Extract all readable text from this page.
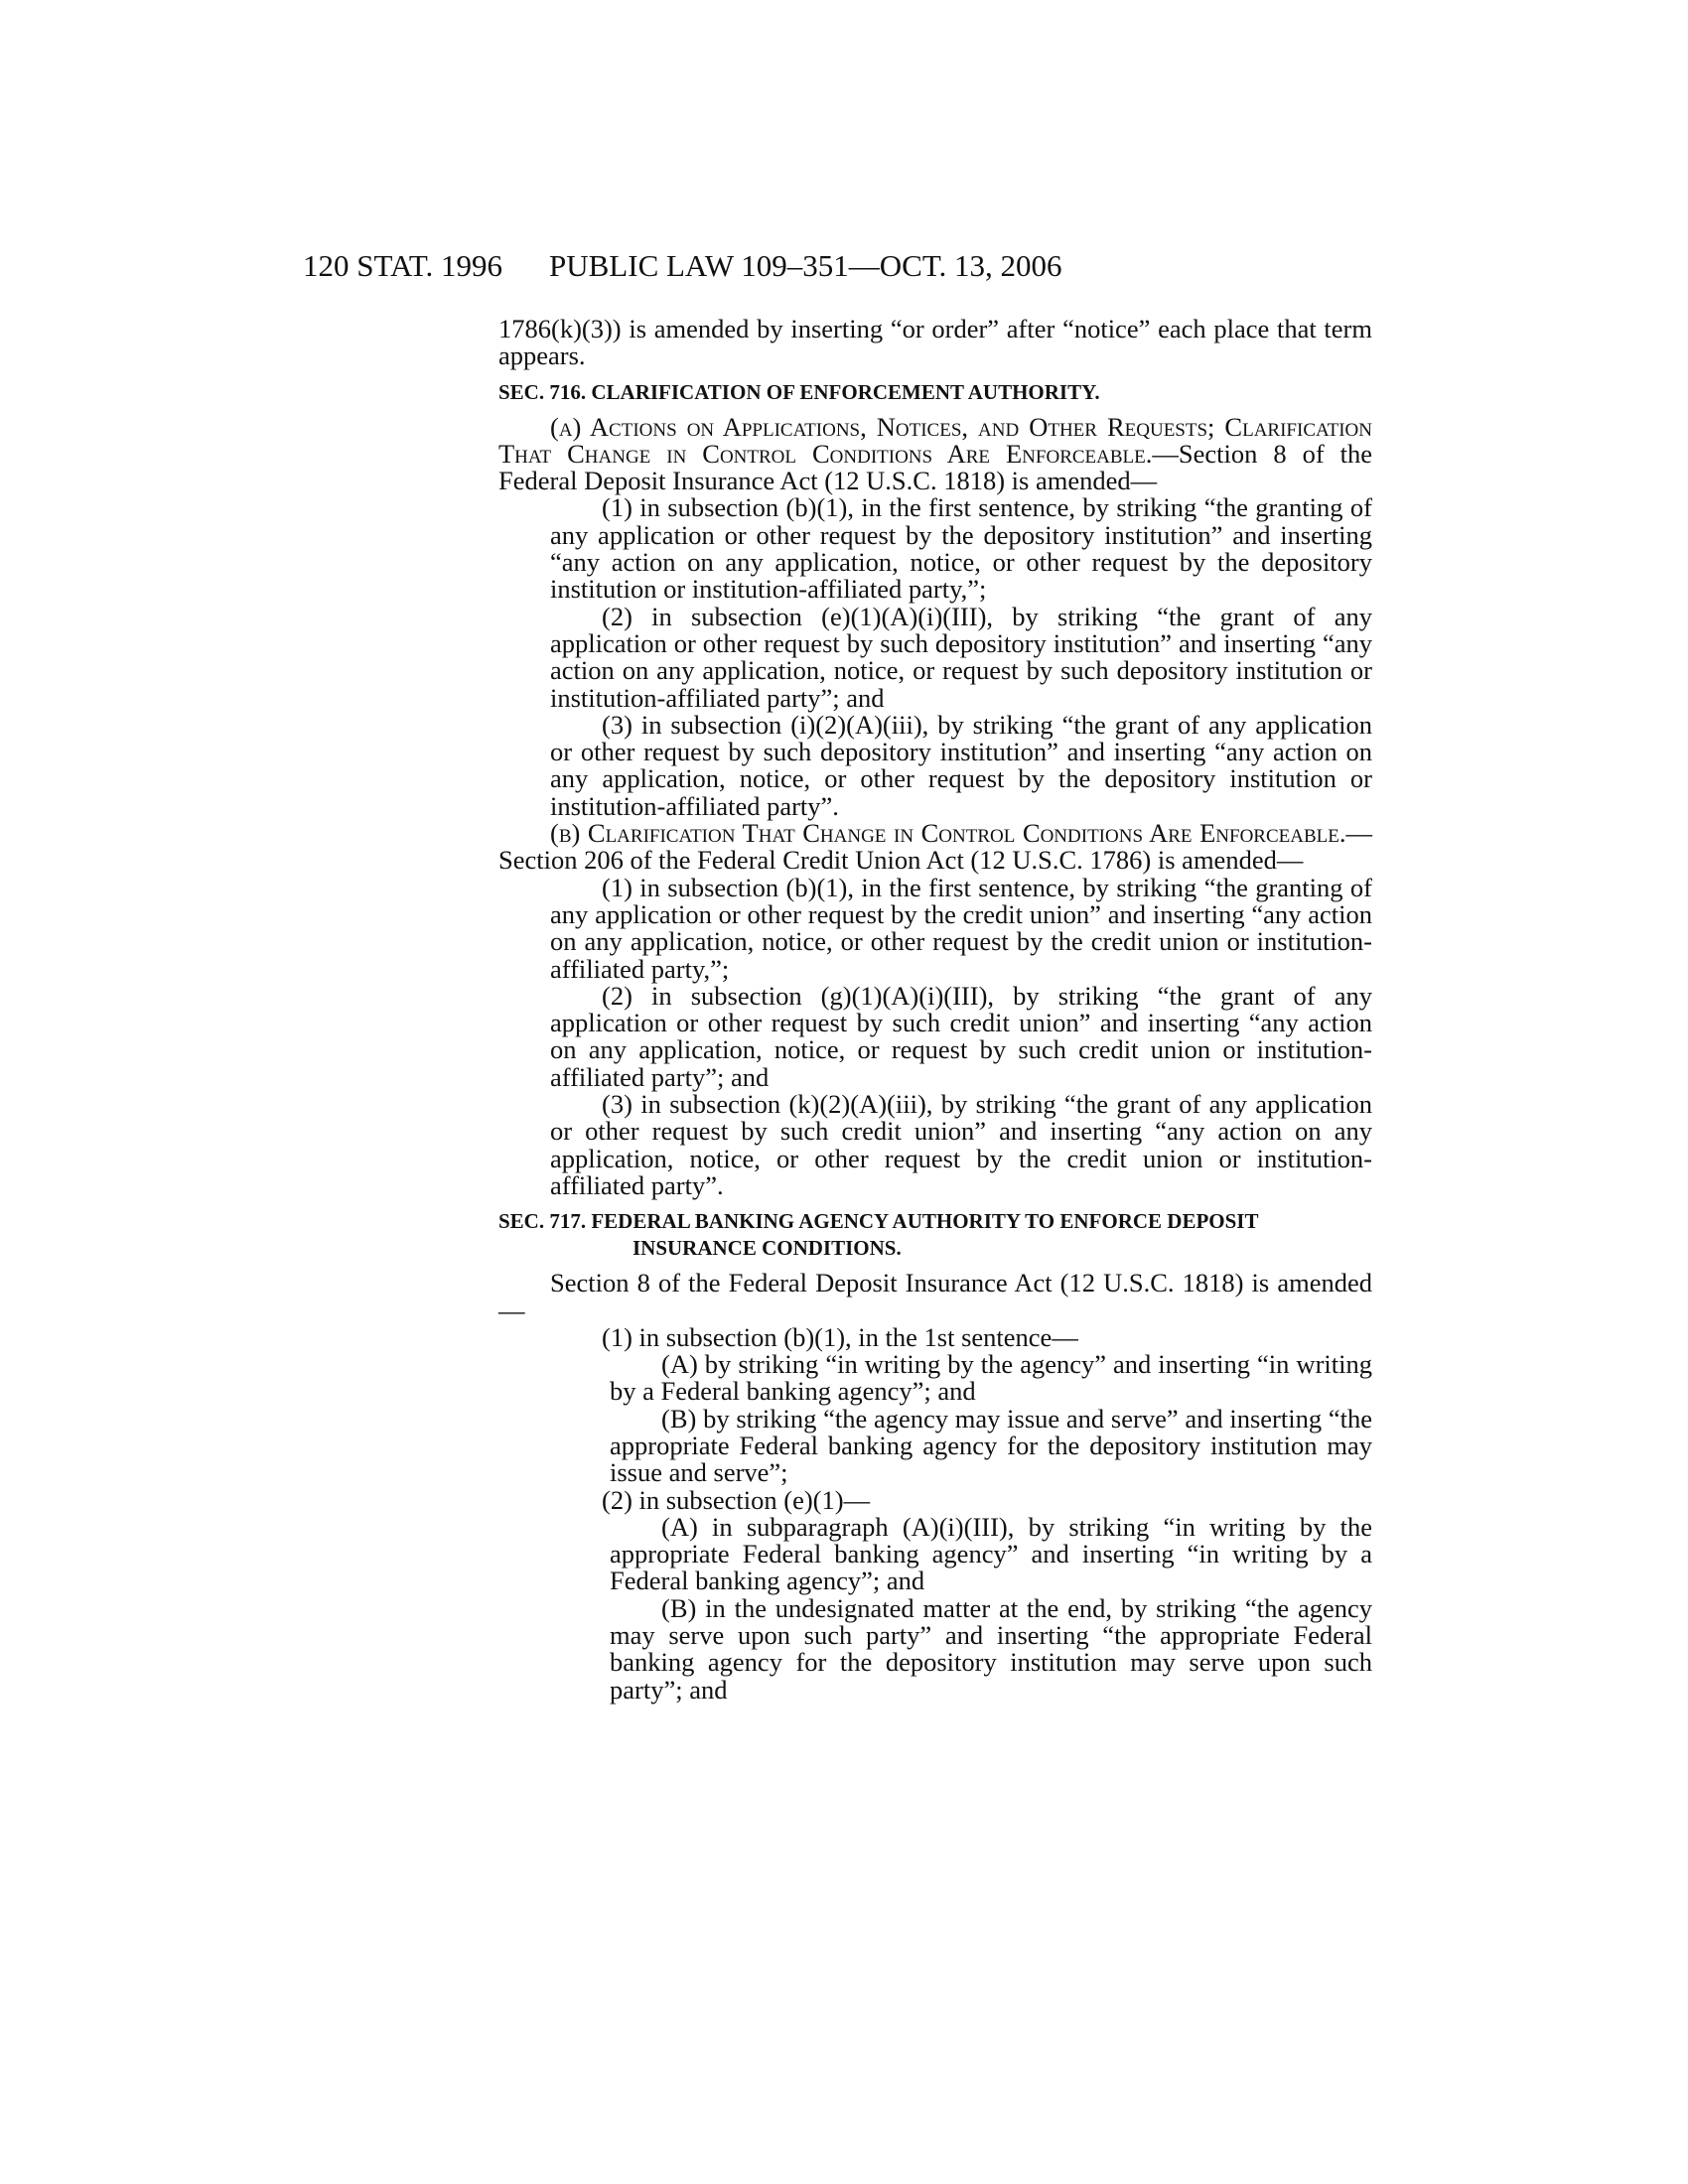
120 STAT. 1996 PUBLIC LAW 109–351—OCT. 13, 2006

1786(k)(3)) is amended by inserting “or order” after “notice” each place that term appears.

SEC. 716. CLARIFICATION OF ENFORCEMENT AUTHORITY.

(a) Actions on Applications, Notices, and Other Requests; Clarification That Change in Control Conditions Are Enforceable.—Section 8 of the Federal Deposit Insurance Act (12 U.S.C. 1818) is amended—

(1) in subsection (b)(1), in the first sentence, by striking “the granting of any application or other request by the depository institution” and inserting “any action on any application, notice, or other request by the depository institution or institution-affiliated party,”;

(2) in subsection (e)(1)(A)(i)(III), by striking “the grant of any application or other request by such depository institution” and inserting “any action on any application, notice, or request by such depository institution or institution-affiliated party”; and

(3) in subsection (i)(2)(A)(iii), by striking “the grant of any application or other request by such depository institution” and inserting “any action on any application, notice, or other request by the depository institution or institution-affiliated party”.

(b) Clarification That Change in Control Conditions Are Enforceable.—Section 206 of the Federal Credit Union Act (12 U.S.C. 1786) is amended—

(1) in subsection (b)(1), in the first sentence, by striking “the granting of any application or other request by the credit union” and inserting “any action on any application, notice, or other request by the credit union or institution-affiliated party,”;

(2) in subsection (g)(1)(A)(i)(III), by striking “the grant of any application or other request by such credit union” and inserting “any action on any application, notice, or request by such credit union or institution-affiliated party”; and

(3) in subsection (k)(2)(A)(iii), by striking “the grant of any application or other request by such credit union” and inserting “any action on any application, notice, or other request by the credit union or institution-affiliated party”.

SEC. 717. FEDERAL BANKING AGENCY AUTHORITY TO ENFORCE DEPOSIT INSURANCE CONDITIONS.

Section 8 of the Federal Deposit Insurance Act (12 U.S.C. 1818) is amended—

(1) in subsection (b)(1), in the 1st sentence—

(A) by striking “in writing by the agency” and inserting “in writing by a Federal banking agency”; and

(B) by striking “the agency may issue and serve” and inserting “the appropriate Federal banking agency for the depository institution may issue and serve”;

(2) in subsection (e)(1)—

(A) in subparagraph (A)(i)(III), by striking “in writing by the appropriate Federal banking agency” and inserting “in writing by a Federal banking agency”; and

(B) in the undesignated matter at the end, by striking “the agency may serve upon such party” and inserting “the appropriate Federal banking agency for the depository institution may serve upon such party”; and
